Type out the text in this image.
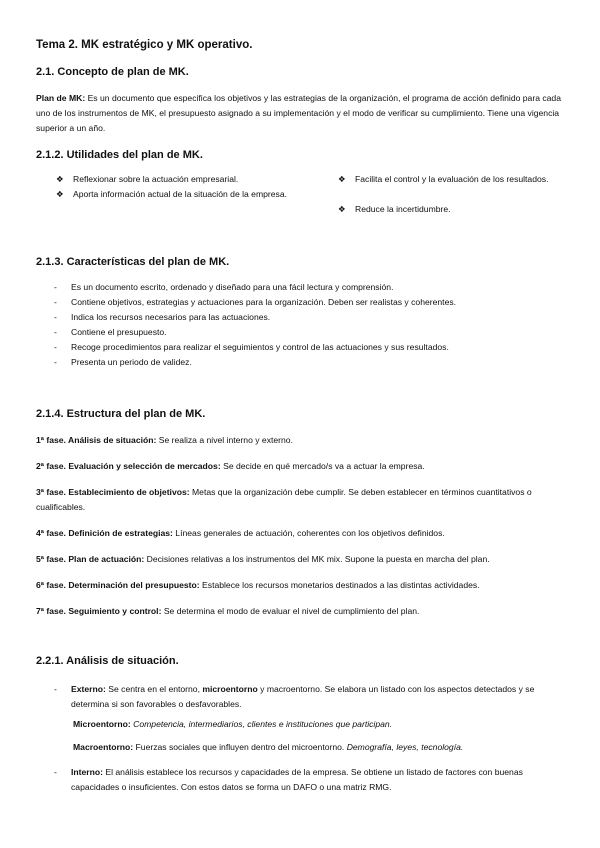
Tema 2. MK estratégico y MK operativo.
2.1. Concepto de plan de MK.
Plan de MK: Es un documento que especifica los objetivos y las estrategias de la organización, el programa de acción definido para cada uno de los instrumentos de MK, el presupuesto asignado a su implementación y el modo de verificar su cumplimiento. Tiene una vigencia superior a un año.
2.1.2. Utilidades del plan de MK.
❖	Reflexionar sobre la actuación empresarial.
❖	Aporta información actual de la situación de la empresa.
❖	Facilita el control y la evaluación de los resultados.
❖	Reduce la incertidumbre.
2.1.3. Características del plan de MK.
-	Es un documento escrito, ordenado y diseñado para una fácil lectura y comprensión.
-	Contiene objetivos, estrategias y actuaciones para la organización. Deben ser realistas y coherentes.
-	Indica los recursos necesarios para las actuaciones.
-	Contiene el presupuesto.
-	Recoge procedimientos para realizar el seguimientos y control de las actuaciones y sus resultados.
-	Presenta un periodo de validez.
2.1.4. Estructura del plan de MK.
1ª fase. Análisis de situación: Se realiza a nivel interno y externo.
2ª fase. Evaluación y selección de mercados: Se decide en qué mercado/s va a actuar la empresa.
3ª fase. Establecimiento de objetivos: Metas que la organización debe cumplir. Se deben establecer en términos cuantitativos o cualificables.
4ª fase. Definición de estrategias: Líneas generales de actuación, coherentes con los objetivos definidos.
5ª fase. Plan de actuación: Decisiones relativas a los instrumentos del MK mix. Supone la puesta en marcha del plan.
6ª fase. Determinación del presupuesto: Establece los recursos monetarios destinados a las distintas actividades.
7ª fase. Seguimiento y control: Se determina el modo de evaluar el nivel de cumplimiento del plan.
2.2.1. Análisis de situación.
-	Externo: Se centra en el entorno, microentorno y macroentorno. Se elabora un listado con los aspectos detectados y se determina si son favorables o desfavorables.
Microentorno: Competencia, intermediarios, clientes e instituciones que participan.
Macroentorno: Fuerzas sociales que influyen dentro del microentorno. Demografía, leyes, tecnología.
-	Interno: El análisis establece los recursos y capacidades de la empresa. Se obtiene un listado de factores con buenas capacidades o insuficientes. Con estos datos se forma un DAFO o una matriz RMG.
